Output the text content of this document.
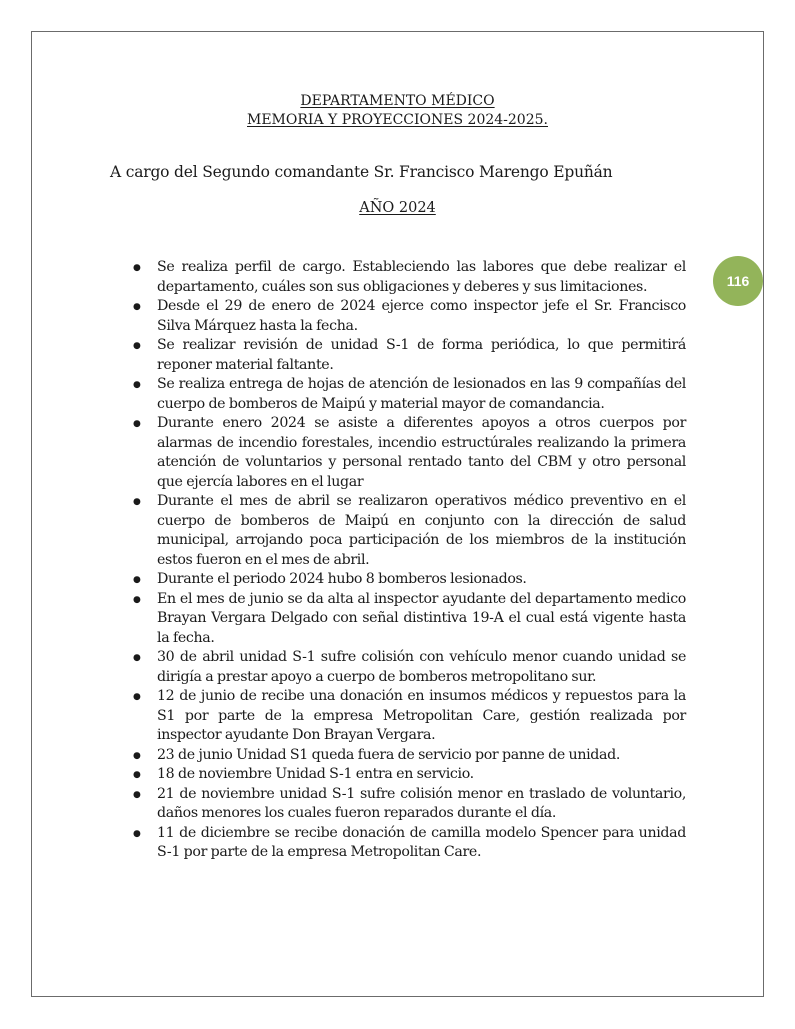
DEPARTAMENTO MÉDICO
MEMORIA Y PROYECCIONES 2024-2025.
A cargo del Segundo comandante Sr. Francisco Marengo Epuñán
AÑO 2024
116
● Se realiza perfil de cargo. Estableciendo las labores que debe realizar el departamento, cuáles son sus obligaciones y deberes y sus limitaciones.
● Desde el 29 de enero de 2024 ejerce como inspector jefe el Sr. Francisco Silva Márquez hasta la fecha.
● Se realizar revisión de unidad S-1 de forma periódica, lo que permitirá reponer material faltante.
● Se realiza entrega de hojas de atención de lesionados en las 9 compañías del cuerpo de bomberos de Maipú y material mayor de comandancia.
● Durante enero 2024 se asiste a diferentes apoyos a otros cuerpos por alarmas de incendio forestales, incendio estructúrales realizando la primera atención de voluntarios y personal rentado tanto del CBM y otro personal que ejercía labores en el lugar
● Durante el mes de abril se realizaron operativos médico preventivo en el cuerpo de bomberos de Maipú en conjunto con la dirección de salud municipal, arrojando poca participación de los miembros de la institución estos fueron en el mes de abril.
● Durante el periodo 2024 hubo 8 bomberos lesionados.
● En el mes de junio se da alta al inspector ayudante del departamento medico Brayan Vergara Delgado con señal distintiva 19-A el cual está vigente hasta la fecha.
● 30 de abril unidad S-1 sufre colisión con vehículo menor cuando unidad se dirigía a prestar apoyo a cuerpo de bomberos metropolitano sur.
● 12 de junio de recibe una donación en insumos médicos y repuestos para la S1 por parte de la empresa Metropolitan Care, gestión realizada por inspector ayudante Don Brayan Vergara.
● 23 de junio Unidad S1 queda fuera de servicio por panne de unidad.
● 18 de noviembre Unidad S-1 entra en servicio.
● 21 de noviembre unidad S-1 sufre colisión menor en traslado de voluntario, daños menores los cuales fueron reparados durante el día.
● 11 de diciembre se recibe donación de camilla modelo Spencer para unidad S-1 por parte de la empresa Metropolitan Care.
